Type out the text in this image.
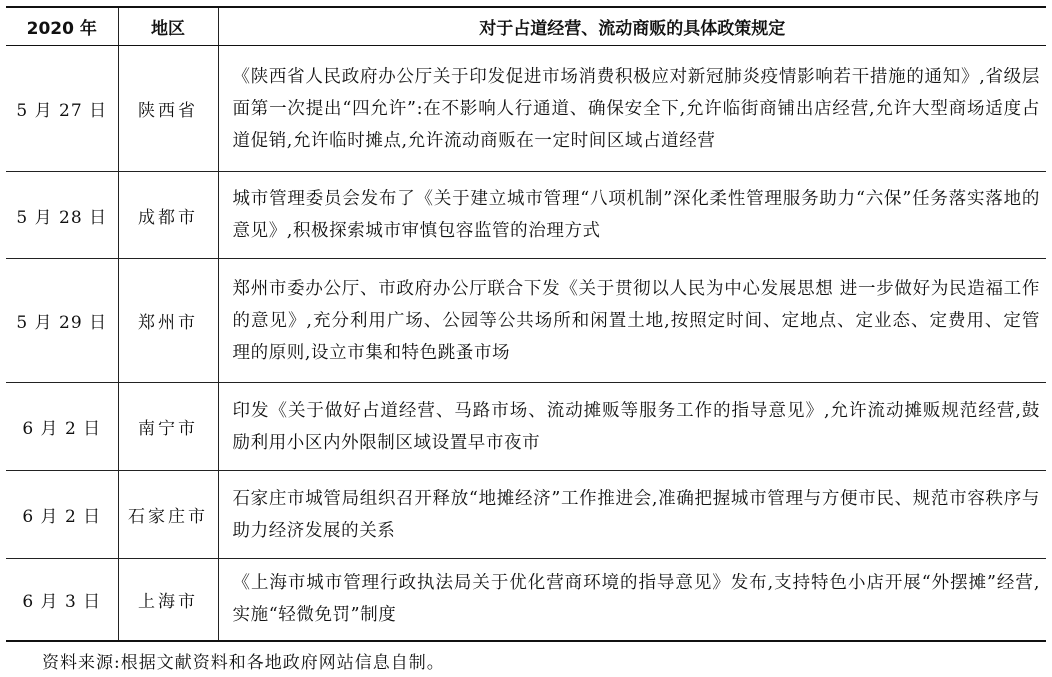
2020 年	地区	对于占道经营、流动商贩的具体政策规定
5 月 27 日	陕西省	《陕西省人民政府办公厅关于印发促进市场消费积极应对新冠肺炎疫情影响若干措施的通知》,省级层面第一次提出“四允许”:在不影响人行通道、确保安全下,允许临街商铺出店经营,允许大型商场适度占道促销,允许临时摊点,允许流动商贩在一定时间区域占道经营
5 月 28 日	成都市	城市管理委员会发布了《关于建立城市管理“八项机制”深化柔性管理服务助力“六保”任务落实落地的意见》,积极探索城市审慎包容监管的治理方式
5 月 29 日	郑州市	郑州市委办公厅、市政府办公厅联合下发《关于贯彻以人民为中心发展思想 进一步做好为民造福工作的意见》,充分利用广场、公园等公共场所和闲置土地,按照定时间、定地点、定业态、定费用、定管理的原则,设立市集和特色跳蚤市场
6 月 2 日	南宁市	印发《关于做好占道经营、马路市场、流动摊贩等服务工作的指导意见》,允许流动摊贩规范经营,鼓励利用小区内外限制区域设置早市夜市
6 月 2 日	石家庄市	石家庄市城管局组织召开释放“地摊经济”工作推进会,准确把握城市管理与方便市民、规范市容秩序与助力经济发展的关系
6 月 3 日	上海市	《上海市城市管理行政执法局关于优化营商环境的指导意见》发布,支持特色小店开展“外摆摊”经营,实施“轻微免罚”制度
资料来源:根据文献资料和各地政府网站信息自制。
